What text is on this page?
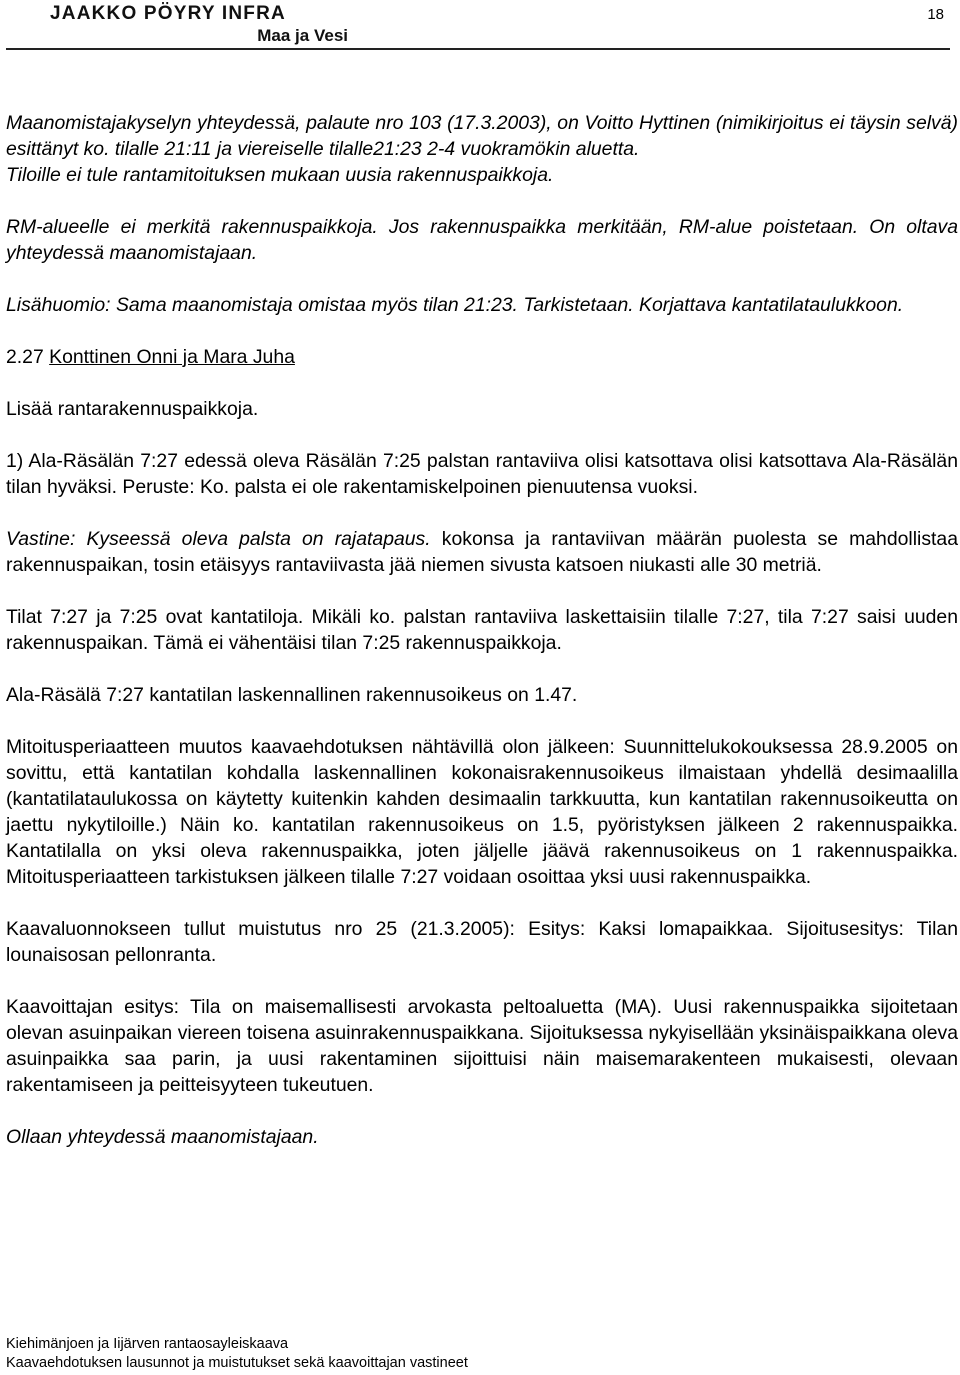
JAAKKO PÖYRY INFRA
Maa ja Vesi
18

Maanomistajakyselyn yhteydessä, palaute nro 103 (17.3.2003), on Voitto Hyttinen (nimikirjoitus ei täysin selvä) esittänyt ko. tilalle 21:11 ja viereiselle tilalle21:23 2-4 vuokramökin aluetta.

Tiloille ei tule rantamitoituksen mukaan uusia rakennuspaikkoja.

RM-alueelle ei merkitä rakennuspaikkoja. Jos rakennuspaikka merkitään, RM-alue poistetaan. On oltava yhteydessä maanomistajaan.

Lisähuomio: Sama maanomistaja omistaa myös tilan 21:23. Tarkistetaan. Korjattava kantatilataulukkoon.

2.27 Konttinen Onni ja Mara Juha

Lisää rantarakennuspaikkoja.

1) Ala-Räsälän 7:27 edessä oleva Räsälän 7:25 palstan rantaviiva olisi katsottava olisi katsottava Ala-Räsälän tilan hyväksi. Peruste: Ko. palsta ei ole rakentamiskelpoinen pienuutensa vuoksi.

Vastine: Kyseessä oleva palsta on rajatapaus. kokonsa ja rantaviivan määrän puolesta se mahdollistaa rakennuspaikan, tosin etäisyys rantaviivasta jää niemen sivusta katsoen niukasti alle 30 metriä.

Tilat 7:27 ja 7:25 ovat kantatiloja. Mikäli ko. palstan rantaviiva laskettaisiin tilalle 7:27, tila 7:27 saisi uuden rakennuspaikan. Tämä ei vähentäisi tilan 7:25 rakennuspaikkoja.

Ala-Räsälä 7:27 kantatilan laskennallinen rakennusoikeus on 1.47.

Mitoitusperiaatteen muutos kaavaehdotuksen nähtävillä olon jälkeen: Suunnittelukokouksessa 28.9.2005 on sovittu, että kantatilan kohdalla laskennallinen kokonaisrakennusoikeus ilmaistaan yhdellä desimaalilla (kantatilataulukossa on käytetty kuitenkin kahden desimaalin tarkkuutta, kun kantatilan rakennusoikeutta on jaettu nykytiloille.) Näin ko. kantatilan rakennusoikeus on 1.5, pyöristyksen jälkeen 2 rakennuspaikka. Kantatilalla on yksi oleva rakennuspaikka, joten jäljelle jäävä rakennusoikeus on 1 rakennuspaikka. Mitoitusperiaatteen tarkistuksen jälkeen tilalle 7:27 voidaan osoittaa yksi uusi rakennuspaikka.

Kaavaluonnokseen tullut muistutus nro 25 (21.3.2005): Esitys: Kaksi lomapaikkaa. Sijoitusesitys: Tilan lounaisosan pellonranta.

Kaavoittajan esitys: Tila on maisemallisesti arvokasta peltoaluetta (MA). Uusi rakennuspaikka sijoitetaan olevan asuinpaikan viereen toisena asuinrakennuspaikkana. Sijoituksessa nykyisellään yksinäispaikkana oleva asuinpaikka saa parin, ja uusi rakentaminen sijoittuisi näin maisemarakenteen mukaisesti, olevaan rakentamiseen ja peitteisyyteen tukeutuen.

Ollaan yhteydessä maanomistajaan.

Kiehimänjoen ja Iijärven rantaosayleiskaava
Kaavaehdotuksen lausunnot ja muistutukset sekä kaavoittajan vastineet
